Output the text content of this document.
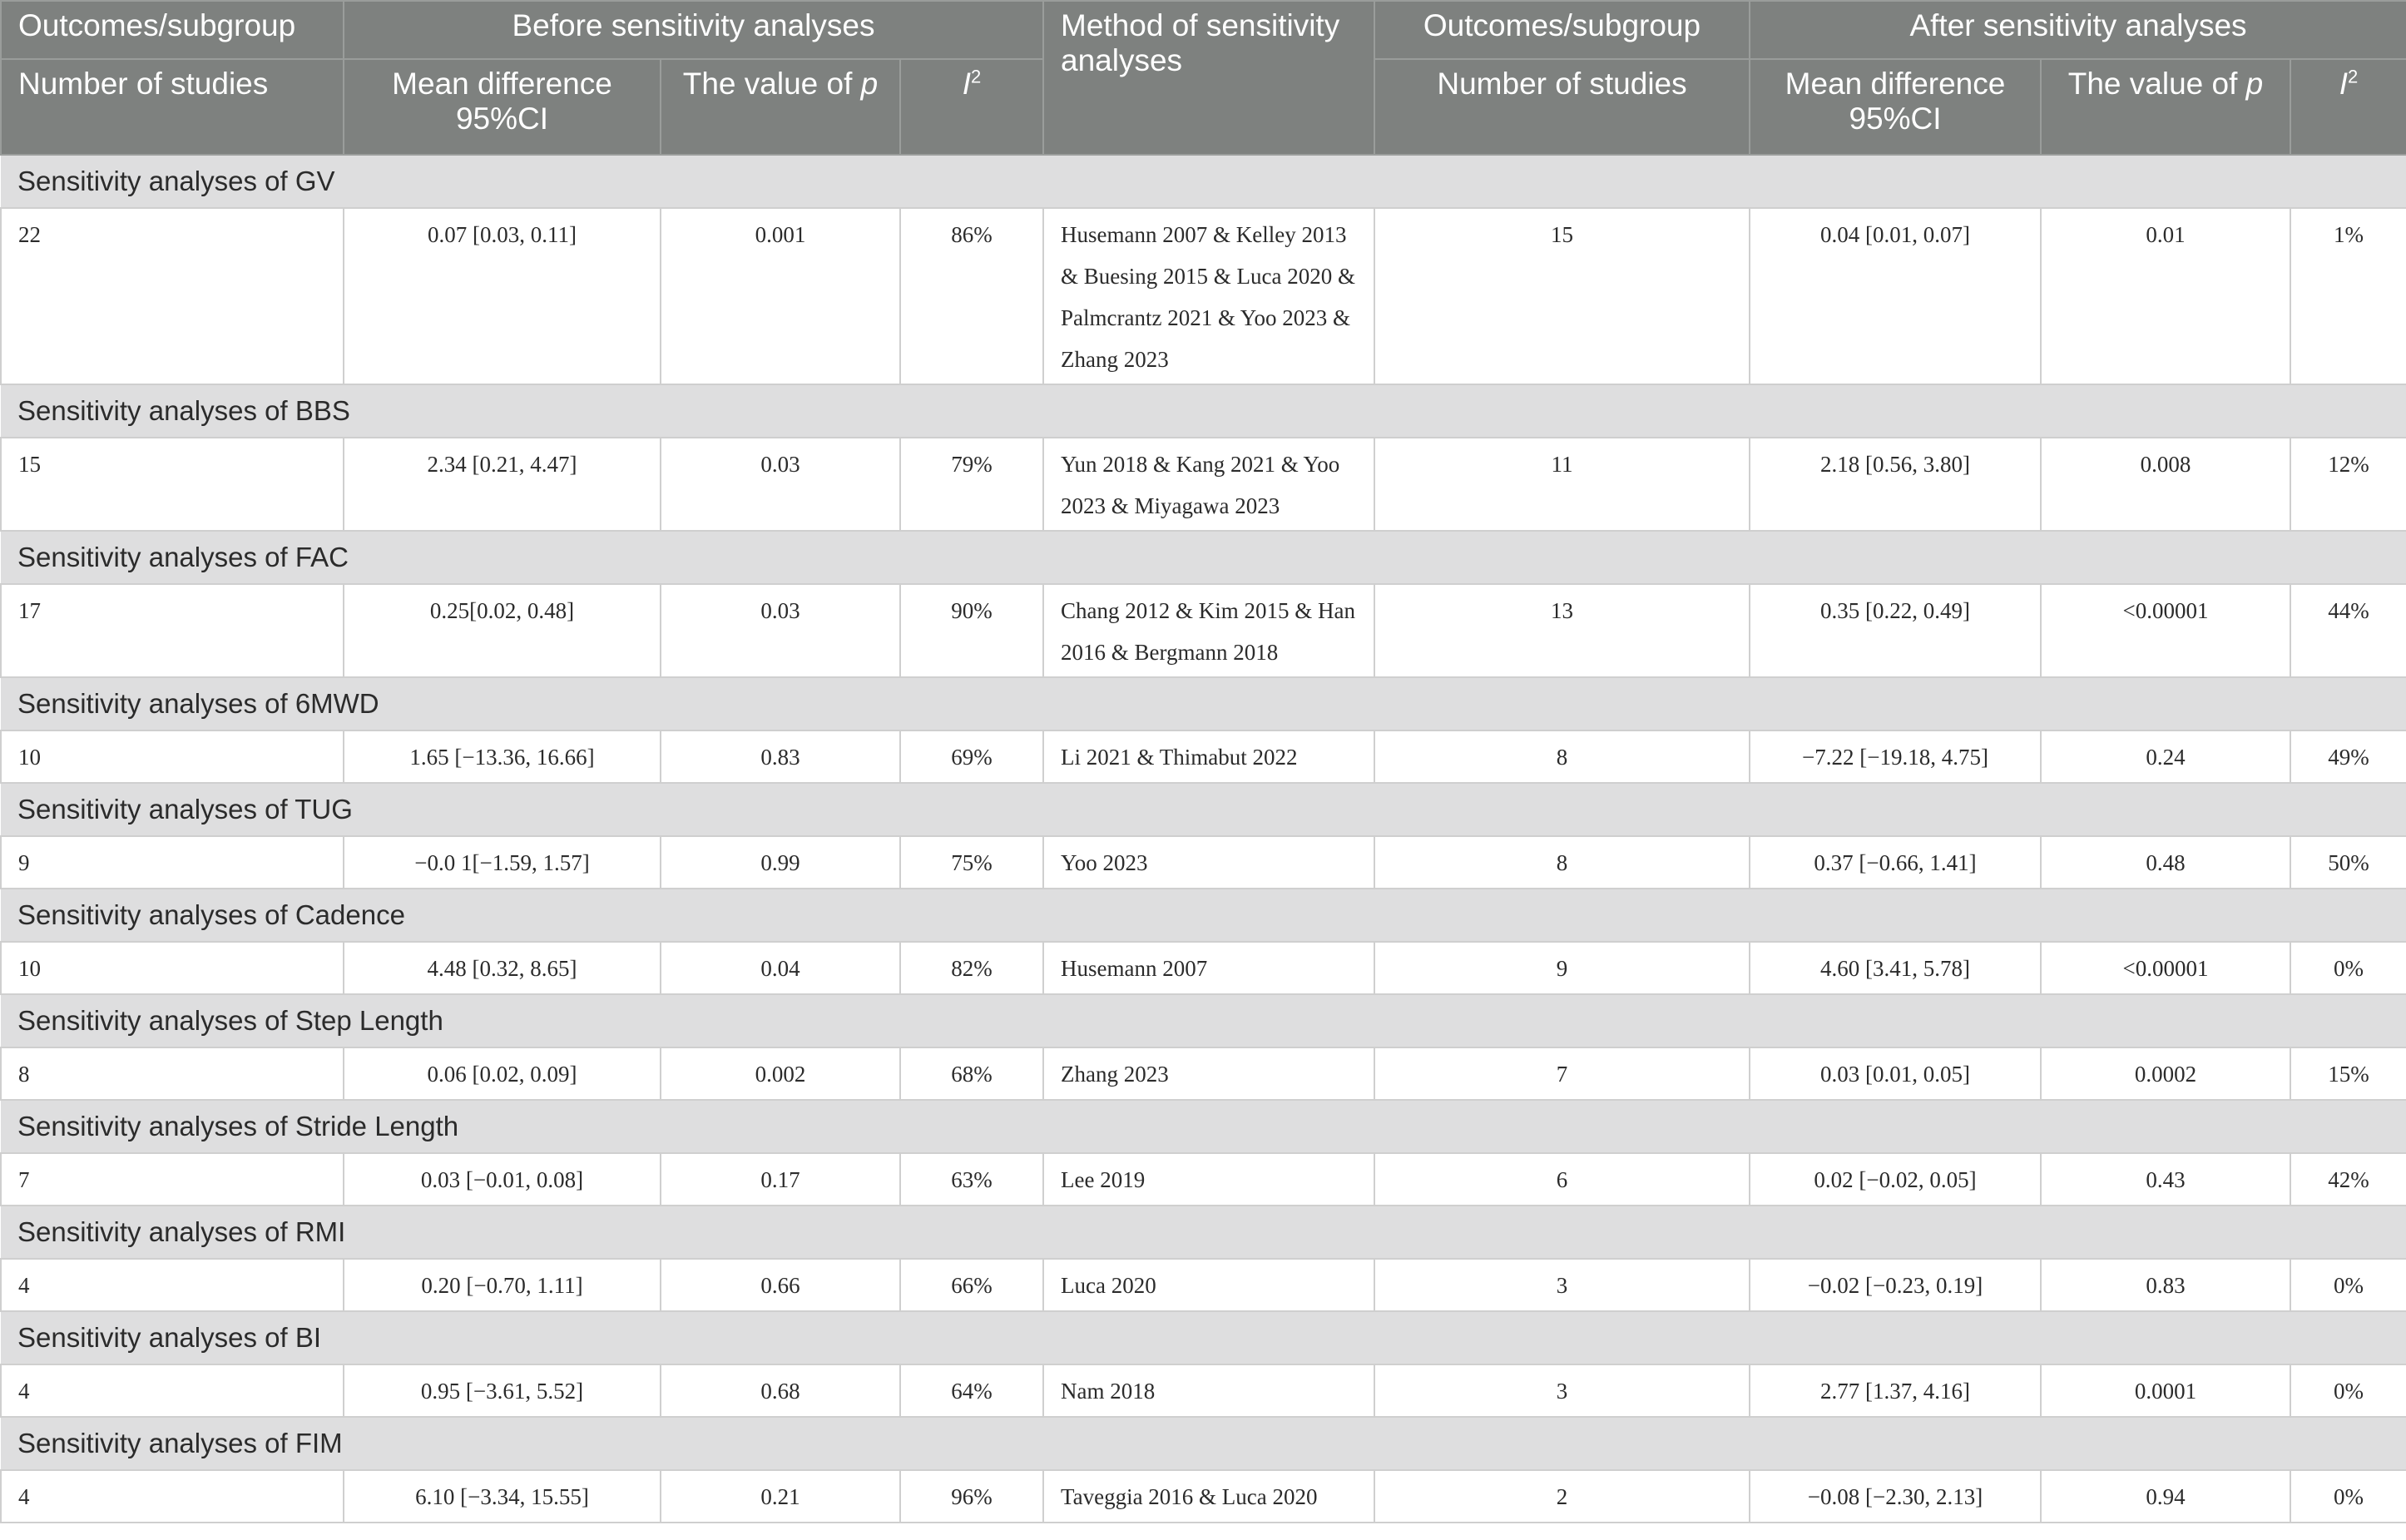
Outcomes/subgroup	Before sensitivity analyses			Method of sensitivity analyses	Outcomes/subgroup	After sensitivity analyses		
Number of studies	Mean difference 95%CI	The value of p	$I^2$		Number of studies	Mean difference 95%CI	The value of p	$I^2$
Sensitivity analyses of GV								
22	0.07 [0.03, 0.11]	0.001	86%	Husemann 2007 & Kelley 2013 & Buesing 2015 & Luca 2020 & Palmcrantz 2021 & Yoo 2023 & Zhang 2023	15	0.04 [0.01, 0.07]	0.01	1%
Sensitivity analyses of BBS								
15	2.34 [0.21, 4.47]	0.03	79%	Yun 2018 & Kang 2021 & Yoo 2023 & Miyagawa 2023	11	2.18 [0.56, 3.80]	0.008	12%
Sensitivity analyses of FAC								
17	0.25[0.02, 0.48]	0.03	90%	Chang 2012 & Kim 2015 & Han 2016 & Bergmann 2018	13	0.35 [0.22, 0.49]	<0.00001	44%
Sensitivity analyses of 6MWD								
10	1.65 [−13.36, 16.66]	0.83	69%	Li 2021 & Thimabut 2022	8	−7.22 [−19.18, 4.75]	0.24	49%
Sensitivity analyses of TUG								
9	−0.0 1[−1.59, 1.57]	0.99	75%	Yoo 2023	8	0.37 [−0.66, 1.41]	0.48	50%
Sensitivity analyses of Cadence								
10	4.48 [0.32, 8.65]	0.04	82%	Husemann 2007	9	4.60 [3.41, 5.78]	<0.00001	0%
Sensitivity analyses of Step Length								
8	0.06 [0.02, 0.09]	0.002	68%	Zhang 2023	7	0.03 [0.01, 0.05]	0.0002	15%
Sensitivity analyses of Stride Length								
7	0.03 [−0.01, 0.08]	0.17	63%	Lee 2019	6	0.02 [−0.02, 0.05]	0.43	42%
Sensitivity analyses of RMI								
4	0.20 [−0.70, 1.11]	0.66	66%	Luca 2020	3	−0.02 [−0.23, 0.19]	0.83	0%
Sensitivity analyses of BI								
4	0.95 [−3.61, 5.52]	0.68	64%	Nam 2018	3	2.77 [1.37, 4.16]	0.0001	0%
Sensitivity analyses of FIM								
4	6.10 [−3.34, 15.55]	0.21	96%	Taveggia 2016 & Luca 2020	2	−0.08 [−2.30, 2.13]	0.94	0%
